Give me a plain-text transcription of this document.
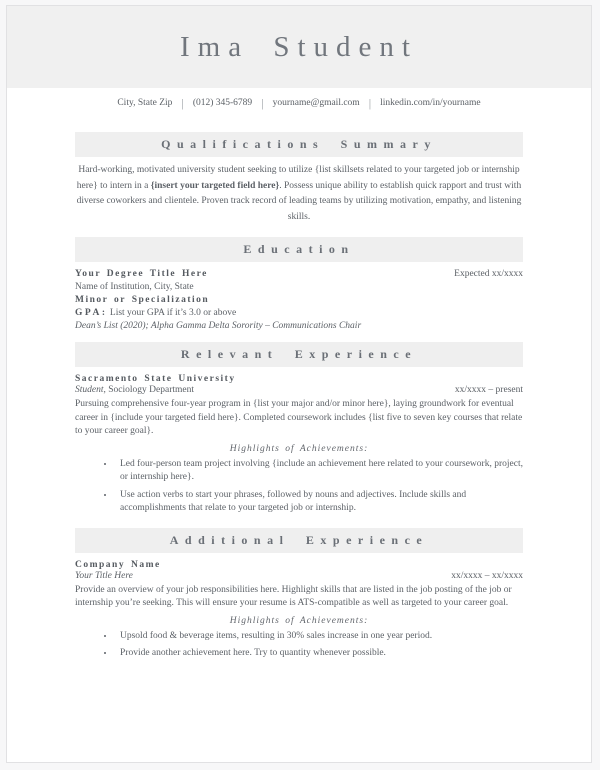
Ima Student
City, State Zip | (012) 345-6789 | yourname@gmail.com | linkedin.com/in/yourname
Qualifications Summary
Hard-working, motivated university student seeking to utilize {list skillsets related to your targeted job or internship here} to intern in a {insert your targeted field here}. Possess unique ability to establish quick rapport and trust with diverse coworkers and clientele. Proven track record of leading teams by utilizing motivation, empathy, and listening skills.
Education
Your Degree Title Here	Expected xx/xxxx
Name of Institution, City, State
Minor or Specialization
GPA: List your GPA if it’s 3.0 or above
Dean’s List (2020); Alpha Gamma Delta Sorority – Communications Chair
Relevant Experience
Sacramento State University
Student, Sociology Department	xx/xxxx – present
Pursuing comprehensive four-year program in {list your major and/or minor here}, laying groundwork for eventual career in {include your targeted field here}. Completed coursework includes {list five to seven key courses that relate to your career goal}.
Highlights of Achievements:
• Led four-person team project involving {include an achievement here related to your coursework, project, or internship here}.
• Use action verbs to start your phrases, followed by nouns and adjectives. Include skills and accomplishments that relate to your targeted job or internship.
Additional Experience
Company Name
Your Title Here	xx/xxxx – xx/xxxx
Provide an overview of your job responsibilities here. Highlight skills that are listed in the job posting of the job or internship you’re seeking. This will ensure your resume is ATS-compatible as well as targeted to your career goal.
Highlights of Achievements:
• Upsold food & beverage items, resulting in 30% sales increase in one year period.
• Provide another achievement here. Try to quantity whenever possible.
